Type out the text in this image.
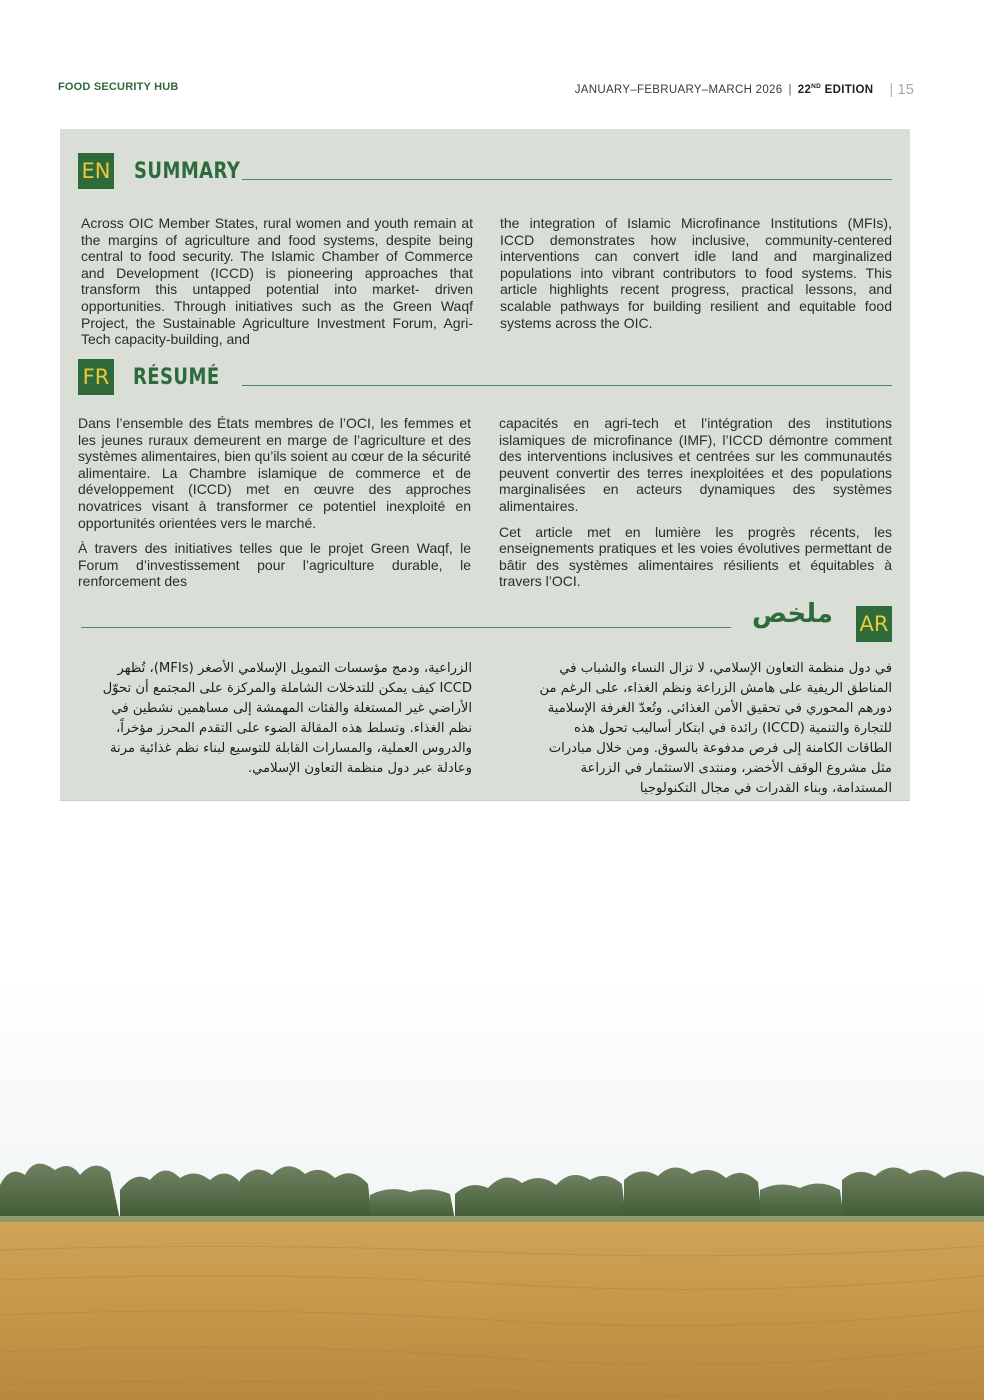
FOOD SECURITY HUB	JANUARY–FEBRUARY–MARCH 2026 | 22ND EDITION
|	15
EN SUMMARY

Across OIC Member States, rural women and youth remain at the margins of agriculture and food systems, despite being central to food security. The Islamic Chamber of Commerce and Development (ICCD) is pioneering approaches that transform this untapped potential into market- driven opportunities. Through initiatives such as the Green Waqf Project, the Sustainable Agriculture Investment Forum, Agri-Tech capacity-building, and

the integration of Islamic Microfinance Institutions (MFIs), ICCD demonstrates how inclusive, community-centered interventions can convert idle land and marginalized populations into vibrant contributors to food systems. This article highlights recent progress, practical lessons, and scalable pathways for building resilient and equitable food systems across the OIC.

FR RÉSUMÉ

Dans l’ensemble des États membres de l’OCI, les femmes et les jeunes ruraux demeurent en marge de l’agriculture et des systèmes alimentaires, bien qu’ils soient au cœur de la sécurité alimentaire. La Chambre islamique de commerce et de développement (ICCD) met en œuvre des approches novatrices visant à transformer ce potentiel inexploité en opportunités orientées vers le marché.

À travers des initiatives telles que le projet Green Waqf, le Forum d’investissement pour l’agriculture durable, le renforcement des

capacités en agri-tech et l’intégration des institutions islamiques de microfinance (IMF), l’ICCD démontre comment des interventions inclusives et centrées sur les communautés peuvent convertir des terres inexploitées et des populations marginalisées en acteurs dynamiques des systèmes alimentaires.

Cet article met en lumière les progrès récents, les enseignements pratiques et les voies évolutives permettant de bâtir des systèmes alimentaires résilients et équitables à travers l’OCI.

ملخص AR

في دول منظمة التعاون الإسلامي، لا تزال النساء والشباب في المناطق الريفية على هامش الزراعة ونظم الغذاء، على الرغم من دورهم المحوري في تحقيق الأمن الغذائي. وتُعدّ الغرفة الإسلامية للتجارة والتنمية (ICCD) رائدة في ابتكار أساليب تحول هذه الطاقات الكامنة إلى فرص مدفوعة بالسوق. ومن خلال مبادرات مثل مشروع الوقف الأخضر، ومنتدى الاستثمار في الزراعة المستدامة، وبناء القدرات في مجال التكنولوجيا

الزراعية، ودمج مؤسسات التمويل الإسلامي الأصغر (MFIs)، تُظهر ICCD كيف يمكن للتدخلات الشاملة والمركزة على المجتمع أن تحوّل الأراضي غير المستغلة والفئات المهمشة إلى مساهمين نشطين في نظم الغذاء. وتسلط هذه المقالة الضوء على التقدم المحرز مؤخراً، والدروس العملية، والمسارات القابلة للتوسيع لبناء نظم غذائية مرنة وعادلة عبر دول منظمة التعاون الإسلامي.
